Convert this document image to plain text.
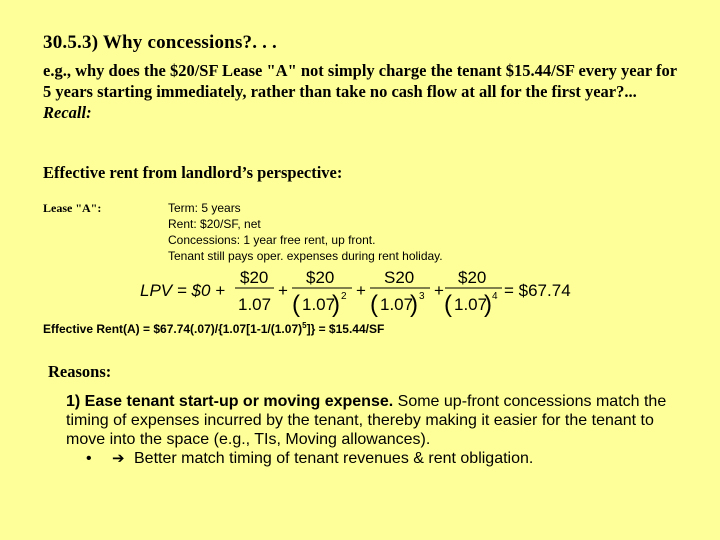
30.5.3) Why concessions?. . .

e.g., why does the $20/SF Lease "A" not simply charge the tenant $15.44/SF every year for 5 years starting immediately, rather than take no cash flow at all for the first year?...

Recall:

Effective rent from landlord’s perspective:
Lease "A":	Term: 5 years
Rent: $20/SF, net
Concessions: 1 year free rent, up front.
Tenant still pays oper. expenses during rent holiday.
LPV = $0 +
$20
1.07
+
$20
( 1.07
) 2 +
S20
( 1.07
) 3 +
$20
( 1.07
) 4 = $67.74
Effective Rent(A) = $\$67.74(.07)/\{1.07[1-1/(1.07)^5]\}$ = $15.44/SF
Reasons:

1) Ease tenant start-up or moving expense. Some up-front concessions match the timing of expenses incurred by the tenant, thereby making it easier for the tenant to move into the space (e.g., TIs, Moving allowances).

•	➔ Better match timing of tenant revenues & rent obligation.
